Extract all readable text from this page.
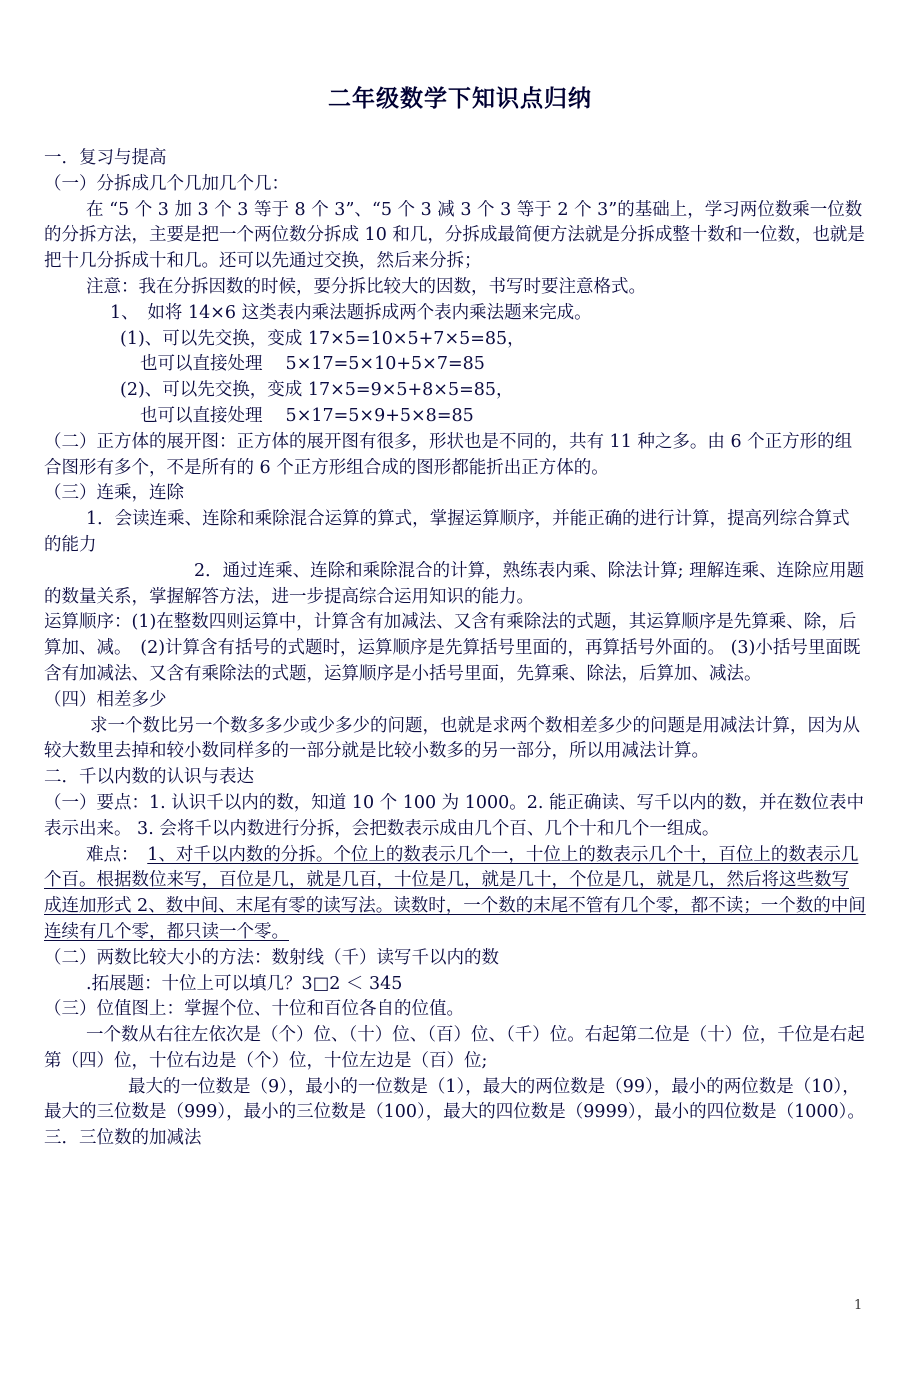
二年级数学下知识点归纳

一．复习与提高

（一）分拆成几个几加几个几：

在 “5 个 3 加 3 个 3 等于 8 个 3”、“5 个 3 减 3 个 3 等于 2 个 3”的基础上，学习两位数乘一位数的分拆方法，主要是把一个两位数分拆成 10 和几，分拆成最简便方法就是分拆成整十数和一位数，也就是把十几分拆成十和几。还可以先通过交换，然后来分拆；

注意：我在分拆因数的时候，要分拆比较大的因数，书写时要注意格式。

1、　如将 14×6 这类表内乘法题拆成两个表内乘法题来完成。

(1)、可以先交换，变成 17×5=10×5+7×5=85，

也可以直接处理　 5×17=5×10+5×7=85

(2)、可以先交换，变成 17×5=9×5+8×5=85，

也可以直接处理　 5×17=5×9+5×8=85

（二）正方体的展开图：正方体的展开图有很多，形状也是不同的，共有 11 种之多。由 6 个正方形的组合图形有多个，不是所有的 6 个正方形组合成的图形都能折出正方体的。

（三）连乘，连除

1．会读连乘、连除和乘除混合运算的算式，掌握运算顺序，并能正确的进行计算，提高列综合算式的能力

2．通过连乘、连除和乘除混合的计算，熟练表内乘、除法计算; 理解连乘、连除应用题的数量关系，掌握解答方法，进一步提高综合运用知识的能力。

运算顺序：(1)在整数四则运算中，计算含有加减法、又含有乘除法的式题，其运算顺序是先算乘、除，后算加、减。　(2)计算含有括号的式题时，运算顺序是先算括号里面的，再算括号外面的。 (3)小括号里面既含有加减法、又含有乘除法的式题，运算顺序是小括号里面，先算乘、除法，后算加、减法。

（四）相差多少

求一个数比另一个数多多少或少多少的问题，也就是求两个数相差多少的问题是用减法计算，因为从较大数里去掉和较小数同样多的一部分就是比较小数多的另一部分，所以用减法计算。

二．千以内数的认识与表达

（一）要点：1. 认识千以内的数，知道 10 个 100 为 1000。2. 能正确读、写千以内的数，并在数位表中表示出来。 3. 会将千以内数进行分拆，会把数表示成由几个百、几个十和几个一组成。

难点：　1、对千以内数的分拆。个位上的数表示几个一，十位上的数表示几个十，百位上的数表示几个百。根据数位来写，百位是几，就是几百，十位是几，就是几十，个位是几，就是几，然后将这些数写成连加形式 2、数中间、末尾有零的读写法。读数时，一个数的末尾不管有几个零，都不读；一个数的中间连续有几个零，都只读一个零。

（二）两数比较大小的方法：数射线（千）读写千以内的数

.拓展题：十位上可以填几？3□2 ＜ 345

（三）位值图上：掌握个位、十位和百位各自的位值。

一个数从右往左依次是（个）位、（十）位、（百）位、（千）位。右起第二位是（十）位，千位是右起第（四）位，十位右边是（个）位，十位左边是（百）位;

最大的一位数是（9），最小的一位数是（1），最大的两位数是（99），最小的两位数是（10），最大的三位数是（999），最小的三位数是（100），最大的四位数是（9999），最小的四位数是（1000）。

三．三位数的加减法

1
